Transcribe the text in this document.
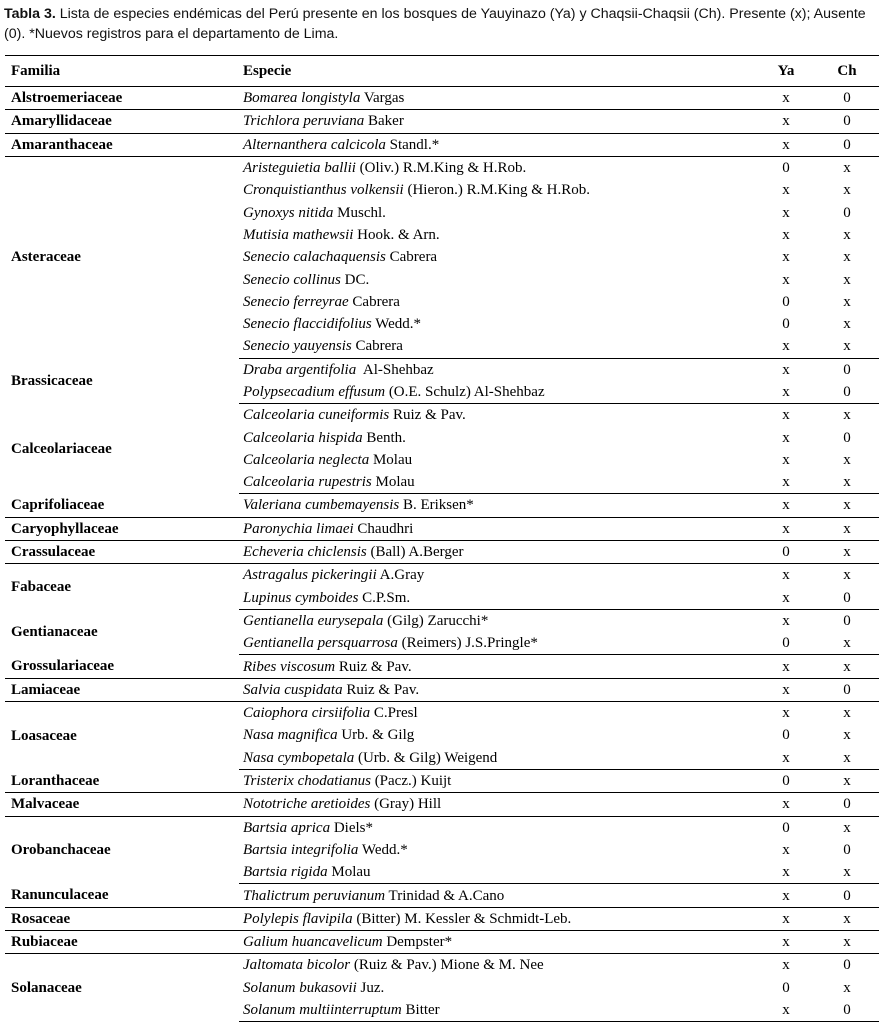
Tabla 3. Lista de especies endémicas del Perú presente en los bosques de Yauyinazo (Ya) y Chaqsii-Chaqsii (Ch). Presente (x); Ausente (0). *Nuevos registros para el departamento de Lima.
Familia	Especie	Ya	Ch
Alstroemeriaceae	Bomarea longistyla Vargas	x	0
Amaryllidaceae	Trichlora peruviana Baker	x	0
Amaranthaceae	Alternanthera calcicola Standl.*	x	0
Asteraceae	Aristeguietia ballii (Oliv.) R.M.King & H.Rob.	0	x
	Cronquistianthus volkensii (Hieron.) R.M.King & H.Rob.	x	x
	Gynoxys nitida Muschl.	x	0
	Mutisia mathewsii Hook. & Arn.	x	x
	Senecio calachaquensis Cabrera	x	x
	Senecio collinus DC.	x	x
	Senecio ferreyrae Cabrera	0	x
	Senecio flaccidifolius Wedd.*	0	x
	Senecio yauyensis Cabrera	x	x
Brassicaceae	Draba argentifolia  Al-Shehbaz	x	0
	Polypsecadium effusum (O.E. Schulz) Al-Shehbaz	x	0
Calceolariaceae	Calceolaria cuneiformis Ruiz & Pav.	x	x
	Calceolaria hispida Benth.	x	0
	Calceolaria neglecta Molau	x	x
	Calceolaria rupestris Molau	x	x
Caprifoliaceae	Valeriana cumbemayensis B. Eriksen*	x	x
Caryophyllaceae	Paronychia limaei Chaudhri	x	x
Crassulaceae	Echeveria chiclensis (Ball) A.Berger	0	x
Fabaceae	Astragalus pickeringii A.Gray	x	x
	Lupinus cymboides C.P.Sm.	x	0
Gentianaceae	Gentianella eurysepala (Gilg) Zarucchi*	x	0
	Gentianella persquarrosa (Reimers) J.S.Pringle*	0	x
Grossulariaceae	Ribes viscosum Ruiz & Pav.	x	x
Lamiaceae	Salvia cuspidata Ruiz & Pav.	x	0
Loasaceae	Caiophora cirsiifolia C.Presl	x	x
	Nasa magnifica Urb. & Gilg	0	x
	Nasa cymbopetala (Urb. & Gilg) Weigend	x	x
Loranthaceae	Tristerix chodatianus (Pacz.) Kuijt	0	x
Malvaceae	Nototriche aretioides (Gray) Hill	x	0
Orobanchaceae	Bartsia aprica Diels*	0	x
	Bartsia integrifolia Wedd.*	x	0
	Bartsia rigida Molau	x	x
Ranunculaceae	Thalictrum peruvianum Trinidad & A.Cano	x	0
Rosaceae	Polylepis flavipila (Bitter) M. Kessler & Schmidt-Leb.	x	x
Rubiaceae	Galium huancavelicum Dempster*	x	x
Solanaceae	Jaltomata bicolor (Ruiz & Pav.) Mione & M. Nee	x	0
	Solanum bukasovii Juz.	0	x
	Solanum multiinterruptum Bitter	x	0
